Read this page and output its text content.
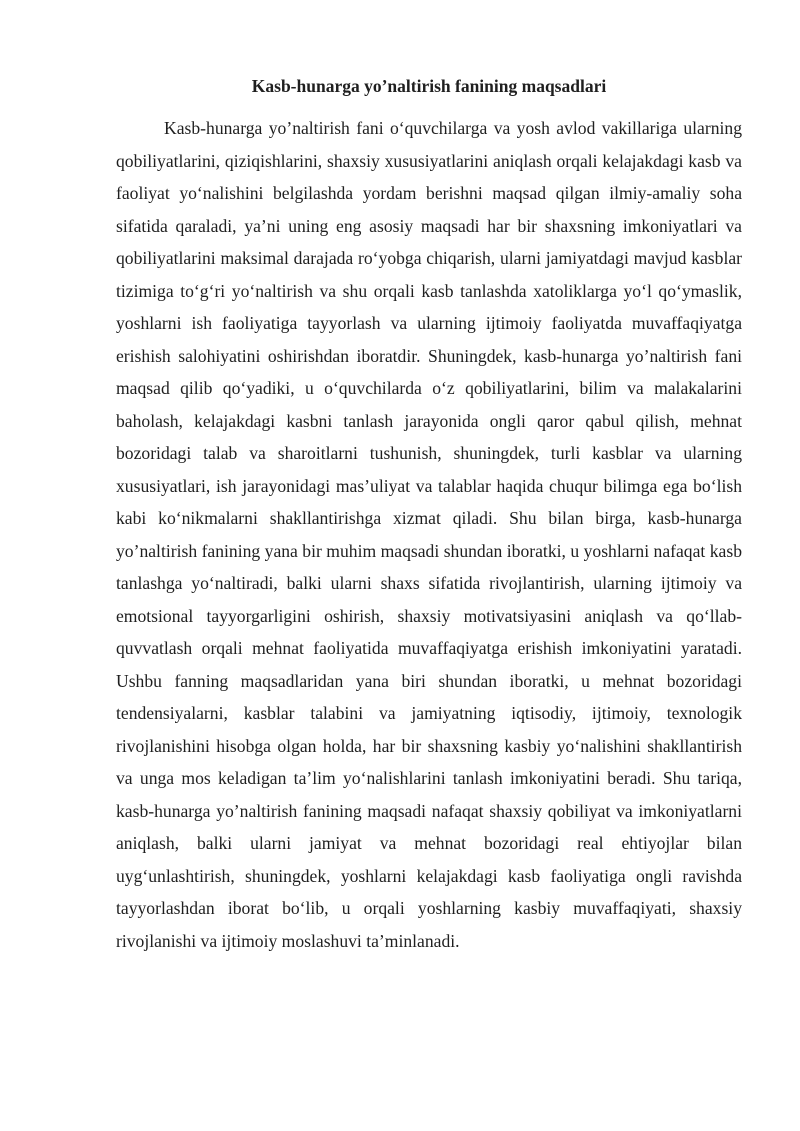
Kasb-hunarga yo’naltirish fanining maqsadlari

Kasb-hunarga yo’naltirish fani o‘quvchilarga va yosh avlod vakillariga ularning qobiliyatlarini, qiziqishlarini, shaxsiy xususiyatlarini aniqlash orqali kelajakdagi kasb va faoliyat yo‘nalishini belgilashda yordam berishni maqsad qilgan ilmiy-amaliy soha sifatida qaraladi, ya’ni uning eng asosiy maqsadi har bir shaxsning imkoniyatlari va qobiliyatlarini maksimal darajada ro‘yobga chiqarish, ularni jamiyatdagi mavjud kasblar tizimiga to‘g‘ri yo‘naltirish va shu orqali kasb tanlashda xatoliklarga yo‘l qo‘ymaslik, yoshlarni ish faoliyatiga tayyorlash va ularning ijtimoiy faoliyatda muvaffaqiyatga erishish salohiyatini oshirishdan iboratdir. Shuningdek, kasb-hunarga yo’naltirish fani maqsad qilib qo‘yadiki, u o‘quvchilarda o‘z qobiliyatlarini, bilim va malakalarini baholash, kelajakdagi kasbni tanlash jarayonida ongli qaror qabul qilish, mehnat bozoridagi talab va sharoitlarni tushunish, shuningdek, turli kasblar va ularning xususiyatlari, ish jarayonidagi mas’uliyat va talablar haqida chuqur bilimga ega bo‘lish kabi ko‘nikmalarni shakllantirishga xizmat qiladi. Shu bilan birga, kasb-hunarga yo’naltirish fanining yana bir muhim maqsadi shundan iboratki, u yoshlarni nafaqat kasb tanlashga yo‘naltiradi, balki ularni shaxs sifatida rivojlantirish, ularning ijtimoiy va emotsional tayyorgarligini oshirish, shaxsiy motivatsiyasini aniqlash va qo‘llab-quvvatlash orqali mehnat faoliyatida muvaffaqiyatga erishish imkoniyatini yaratadi. Ushbu fanning maqsadlaridan yana biri shundan iboratki, u mehnat bozoridagi tendensiyalarni, kasblar talabini va jamiyatning iqtisodiy, ijtimoiy, texnologik rivojlanishini hisobga olgan holda, har bir shaxsning kasbiy yo‘nalishini shakllantirish va unga mos keladigan ta’lim yo‘nalishlarini tanlash imkoniyatini beradi. Shu tariqa, kasb-hunarga yo’naltirish fanining maqsadi nafaqat shaxsiy qobiliyat va imkoniyatlarni aniqlash, balki ularni jamiyat va mehnat bozoridagi real ehtiyojlar bilan uyg‘unlashtirish, shuningdek, yoshlarni kelajakdagi kasb faoliyatiga ongli ravishda tayyorlashdan iborat bo‘lib, u orqali yoshlarning kasbiy muvaffaqiyati, shaxsiy rivojlanishi va ijtimoiy moslashuvi ta’minlanadi.
